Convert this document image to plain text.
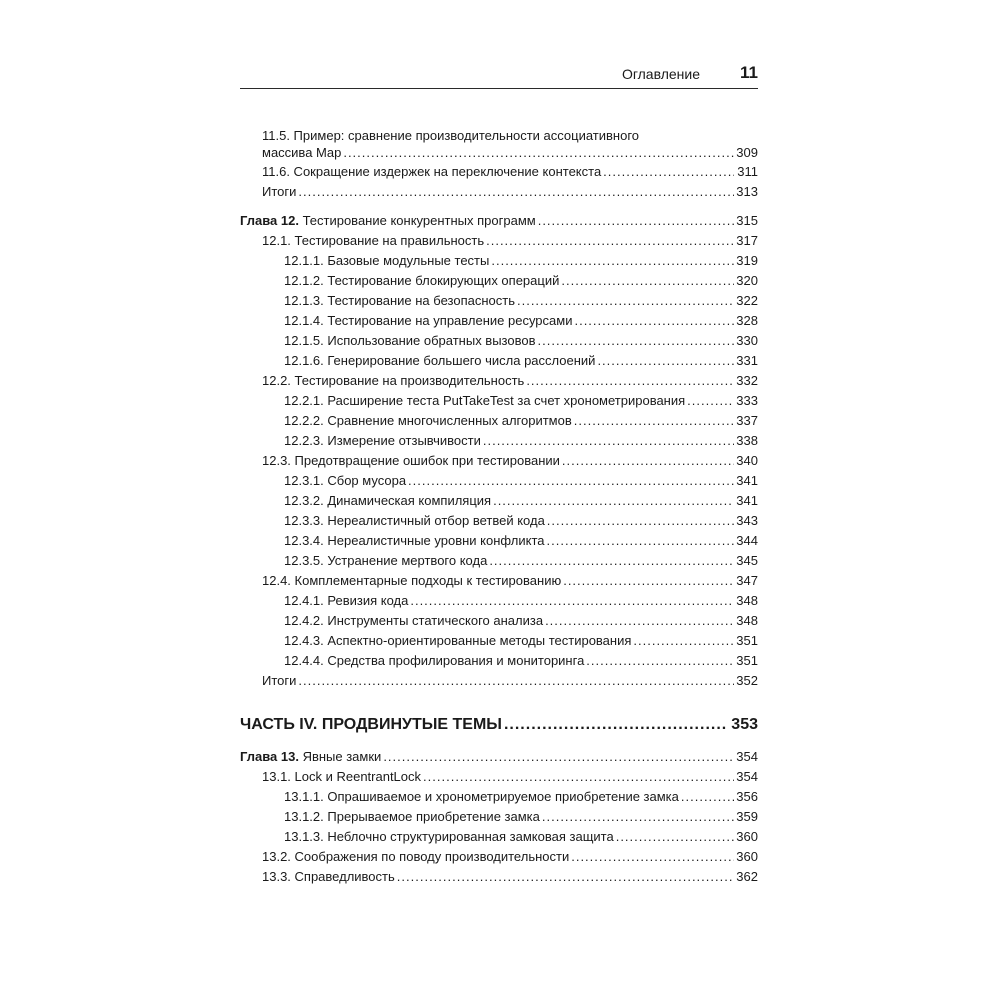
Оглавление 11
11.5. Пример: сравнение производительности ассоциативного
массива Map .....	309
11.6. Сокращение издержек на переключение контекста .....	311
Итоги .....	313
Глава 12. Тестирование конкурентных программ .....	315
12.1. Тестирование на правильность .....	317
12.1.1. Базовые модульные тесты .....	319
12.1.2. Тестирование блокирующих операций .....	320
12.1.3. Тестирование на безопасность .....	322
12.1.4. Тестирование на управление ресурсами .....	328
12.1.5. Использование обратных вызовов .....	330
12.1.6. Генерирование большего числа расслоений .....	331
12.2. Тестирование на производительность .....	332
12.2.1. Расширение теста PutTakeTest за счет хронометрирования .....	333
12.2.2. Сравнение многочисленных алгоритмов .....	337
12.2.3. Измерение отзывчивости .....	338
12.3. Предотвращение ошибок при тестировании .....	340
12.3.1. Сбор мусора .....	341
12.3.2. Динамическая компиляция .....	341
12.3.3. Нереалистичный отбор ветвей кода .....	343
12.3.4. Нереалистичные уровни конфликта .....	344
12.3.5. Устранение мертвого кода .....	345
12.4. Комплементарные подходы к тестированию .....	347
12.4.1. Ревизия кода .....	348
12.4.2. Инструменты статического анализа .....	348
12.4.3. Аспектно-ориентированные методы тестирования .....	351
12.4.4. Средства профилирования и мониторинга .....	351
Итоги .....	352
ЧАСТЬ IV. ПРОДВИНУТЫЕ ТЕМЫ .....	353
Глава 13. Явные замки .....	354
13.1. Lock и ReentrantLock .....	354
13.1.1. Опрашиваемое и хронометрируемое приобретение замка .....	356
13.1.2. Прерываемое приобретение замка .....	359
13.1.3. Неблочно структурированная замковая защита .....	360
13.2. Соображения по поводу производительности .....	360
13.3. Справедливость .....	362
